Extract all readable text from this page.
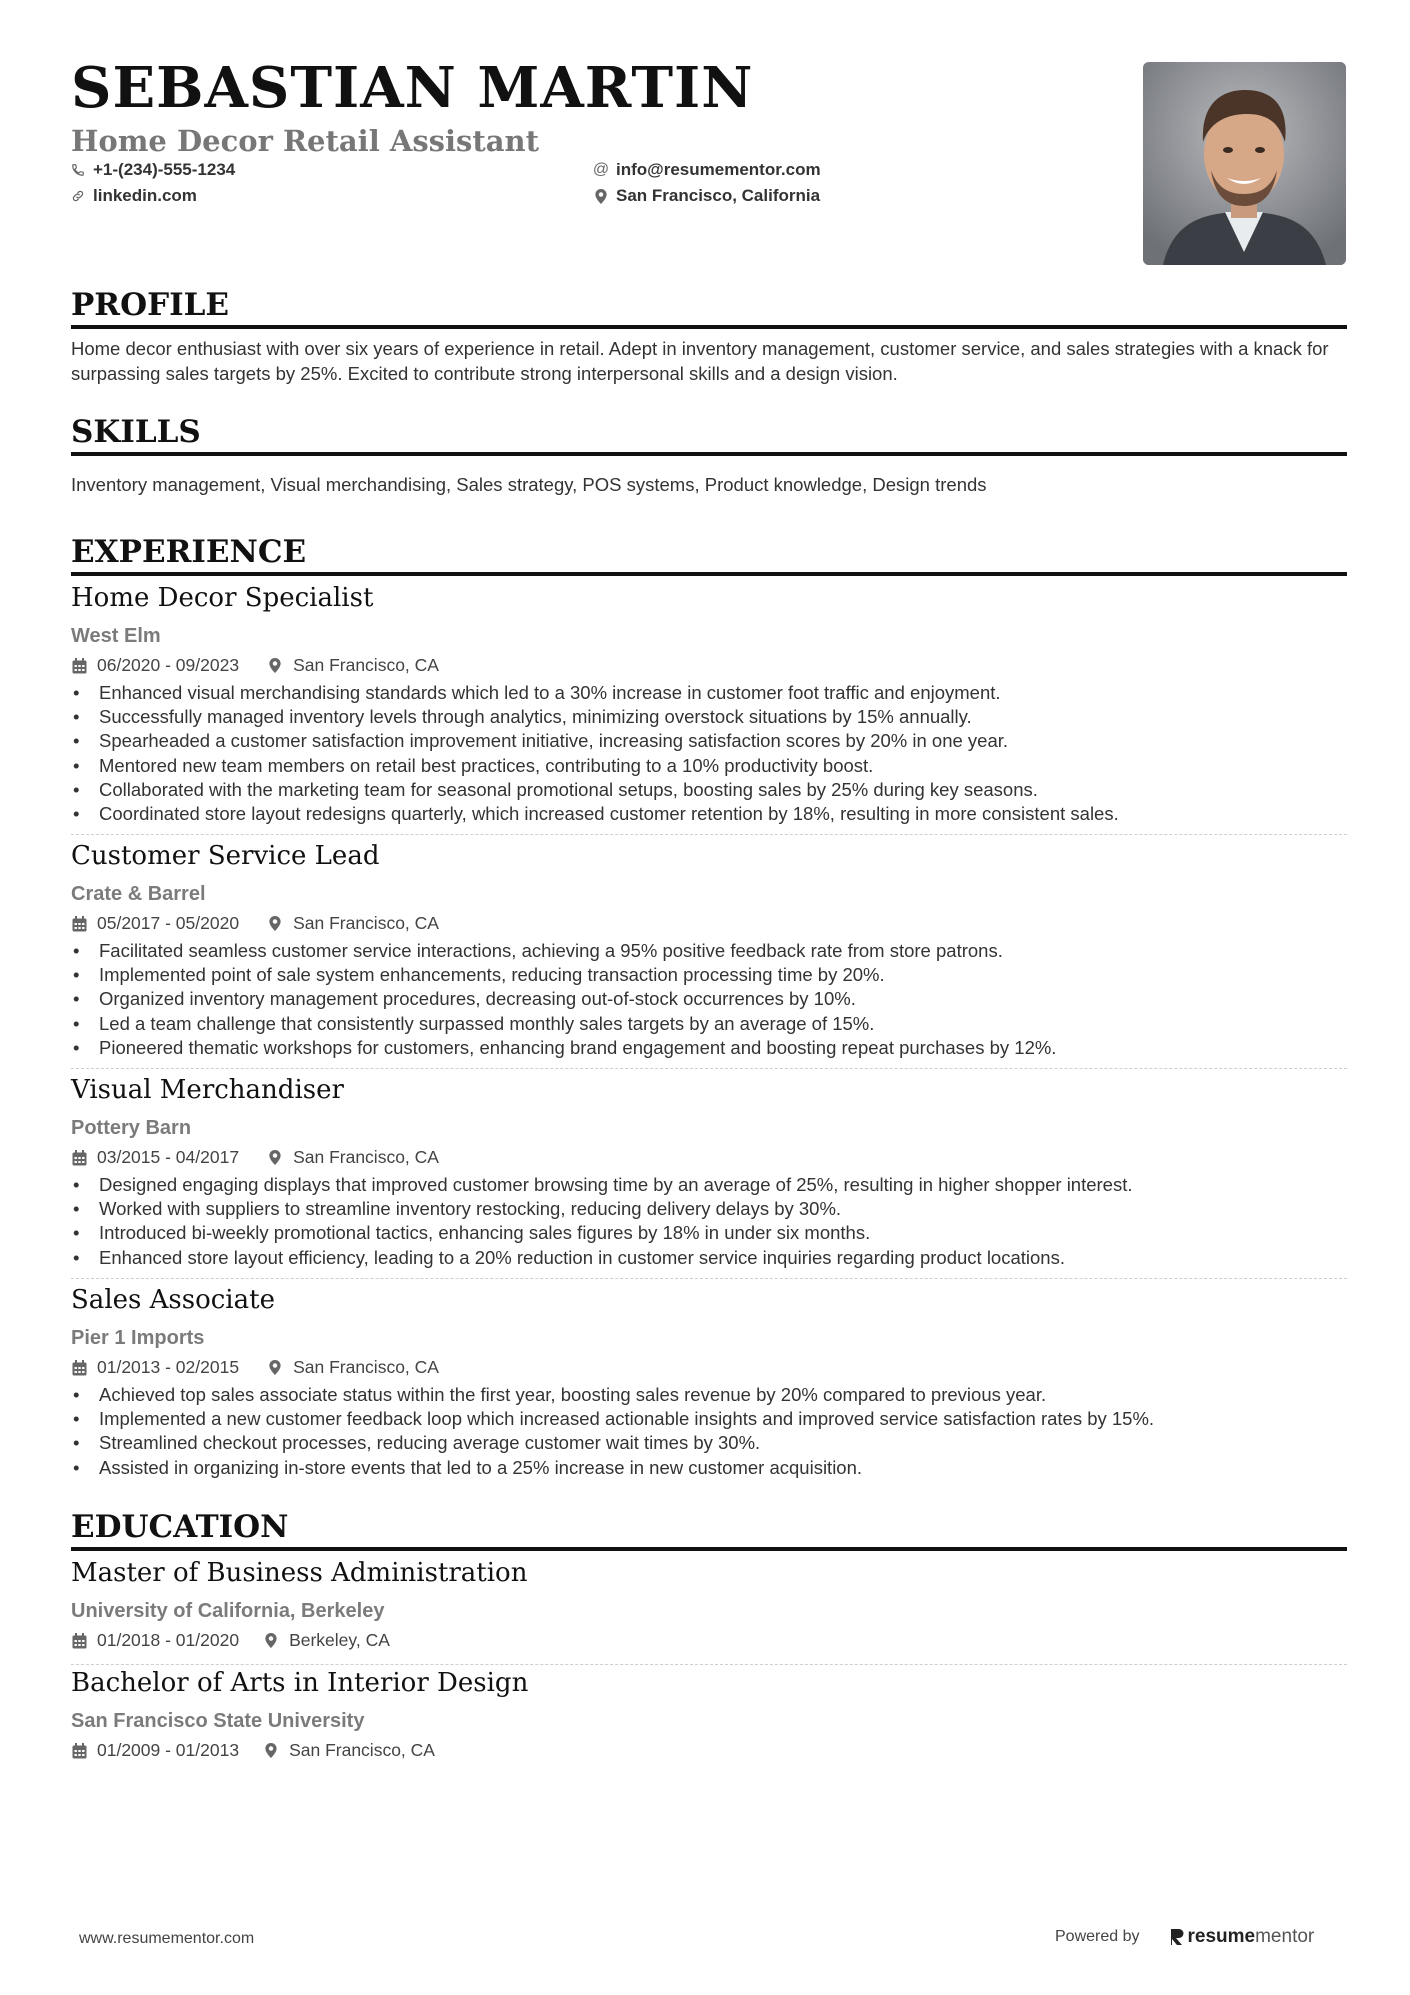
SEBASTIAN MARTIN
Home Decor Retail Assistant
+1-(234)-555-1234
linkedin.com
@ info@resumementor.com
San Francisco, California
PROFILE
Home decor enthusiast with over six years of experience in retail. Adept in inventory management, customer service, and sales strategies with a knack for surpassing sales targets by 25%. Excited to contribute strong interpersonal skills and a design vision.
SKILLS
Inventory management, Visual merchandising, Sales strategy, POS systems, Product knowledge, Design trends
EXPERIENCE
Home Decor Specialist
West Elm
06/2020 - 09/2023	San Francisco, CA
• Enhanced visual merchandising standards which led to a 30% increase in customer foot traffic and enjoyment.
• Successfully managed inventory levels through analytics, minimizing overstock situations by 15% annually.
• Spearheaded a customer satisfaction improvement initiative, increasing satisfaction scores by 20% in one year.
• Mentored new team members on retail best practices, contributing to a 10% productivity boost.
• Collaborated with the marketing team for seasonal promotional setups, boosting sales by 25% during key seasons.
• Coordinated store layout redesigns quarterly, which increased customer retention by 18%, resulting in more consistent sales.
Customer Service Lead
Crate & Barrel
05/2017 - 05/2020	San Francisco, CA
• Facilitated seamless customer service interactions, achieving a 95% positive feedback rate from store patrons.
• Implemented point of sale system enhancements, reducing transaction processing time by 20%.
• Organized inventory management procedures, decreasing out-of-stock occurrences by 10%.
• Led a team challenge that consistently surpassed monthly sales targets by an average of 15%.
• Pioneered thematic workshops for customers, enhancing brand engagement and boosting repeat purchases by 12%.
Visual Merchandiser
Pottery Barn
03/2015 - 04/2017	San Francisco, CA
• Designed engaging displays that improved customer browsing time by an average of 25%, resulting in higher shopper interest.
• Worked with suppliers to streamline inventory restocking, reducing delivery delays by 30%.
• Introduced bi-weekly promotional tactics, enhancing sales figures by 18% in under six months.
• Enhanced store layout efficiency, leading to a 20% reduction in customer service inquiries regarding product locations.
Sales Associate
Pier 1 Imports
01/2013 - 02/2015	San Francisco, CA
• Achieved top sales associate status within the first year, boosting sales revenue by 20% compared to previous year.
• Implemented a new customer feedback loop which increased actionable insights and improved service satisfaction rates by 15%.
• Streamlined checkout processes, reducing average customer wait times by 30%.
• Assisted in organizing in-store events that led to a 25% increase in new customer acquisition.
EDUCATION
Master of Business Administration
University of California, Berkeley
01/2018 - 01/2020	Berkeley, CA
Bachelor of Arts in Interior Design
San Francisco State University
01/2009 - 01/2013	San Francisco, CA
www.resumementor.com	Powered by	resume mentor
